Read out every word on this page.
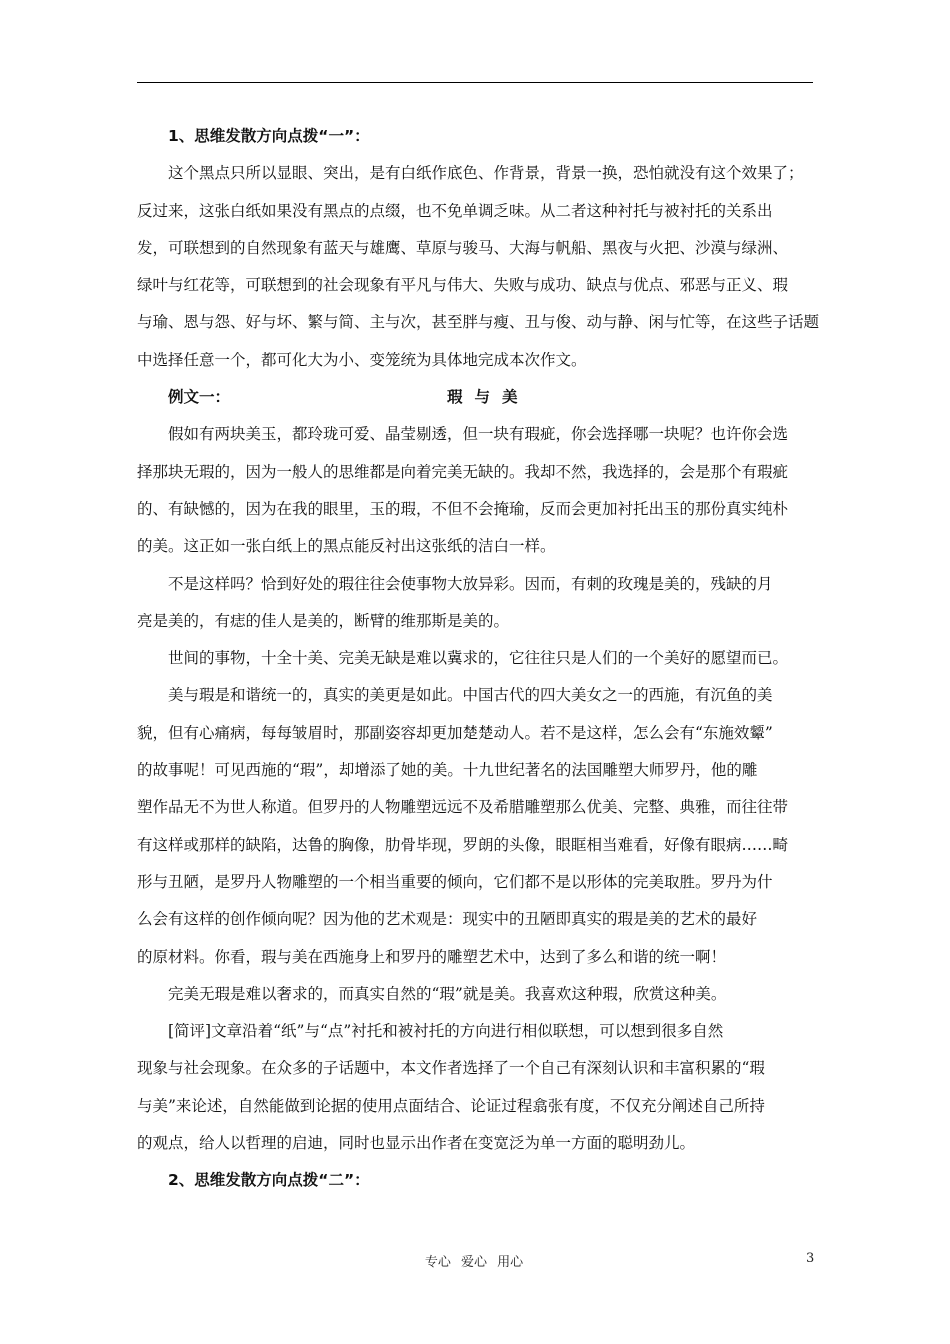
1、思维发散方向点拨“一”：
这个黑点只所以显眼、突出，是有白纸作底色、作背景，背景一换，恐怕就没有这个效果了；
反过来，这张白纸如果没有黑点的点缀，也不免单调乏味。从二者这种衬托与被衬托的关系出
发，可联想到的自然现象有蓝天与雄鹰、草原与骏马、大海与帆船、黑夜与火把、沙漠与绿洲、
绿叶与红花等，可联想到的社会现象有平凡与伟大、失败与成功、缺点与优点、邪恶与正义、瑕
与瑜、恩与怨、好与坏、繁与简、主与次，甚至胖与瘦、丑与俊、动与静、闲与忙等，在这些子话题
中选择任意一个，都可化大为小、变笼统为具体地完成本次作文。
例文一：	瑕与美
假如有两块美玉，都玲珑可爱、晶莹剔透，但一块有瑕疵，你会选择哪一块呢？也许你会选
择那块无瑕的，因为一般人的思维都是向着完美无缺的。我却不然，我选择的，会是那个有瑕疵
的、有缺憾的，因为在我的眼里，玉的瑕，不但不会掩瑜，反而会更加衬托出玉的那份真实纯朴
的美。这正如一张白纸上的黑点能反衬出这张纸的洁白一样。
不是这样吗？恰到好处的瑕往往会使事物大放异彩。因而，有刺的玫瑰是美的，残缺的月
亮是美的，有痣的佳人是美的，断臂的维那斯是美的。
世间的事物，十全十美、完美无缺是难以冀求的，它往往只是人们的一个美好的愿望而已。
美与瑕是和谐统一的，真实的美更是如此。中国古代的四大美女之一的西施，有沉鱼的美
貌，但有心痛病，每每皱眉时，那副姿容却更加楚楚动人。若不是这样，怎么会有“东施效颦”
的故事呢！可见西施的“瑕”，却增添了她的美。十九世纪著名的法国雕塑大师罗丹，他的雕
塑作品无不为世人称道。但罗丹的人物雕塑远远不及希腊雕塑那么优美、完整、典雅，而往往带
有这样或那样的缺陷，达鲁的胸像，肋骨毕现，罗朗的头像，眼眶相当难看，好像有眼病……畸
形与丑陋，是罗丹人物雕塑的一个相当重要的倾向，它们都不是以形体的完美取胜。罗丹为什
么会有这样的创作倾向呢？因为他的艺术观是：现实中的丑陋即真实的瑕是美的艺术的最好
的原材料。你看，瑕与美在西施身上和罗丹的雕塑艺术中，达到了多么和谐的统一啊！
完美无瑕是难以奢求的，而真实自然的“瑕”就是美。我喜欢这种瑕，欣赏这种美。
[简评]文章沿着“纸”与“点”衬托和被衬托的方向进行相似联想，可以想到很多自然
现象与社会现象。在众多的子话题中，本文作者选择了一个自己有深刻认识和丰富积累的“瑕
与美”来论述，自然能做到论据的使用点面结合、论证过程翕张有度，不仅充分阐述自己所持
的观点，给人以哲理的启迪，同时也显示出作者在变宽泛为单一方面的聪明劲儿。
2、思维发散方向点拨“二”：
专心 爱心 用心	3
